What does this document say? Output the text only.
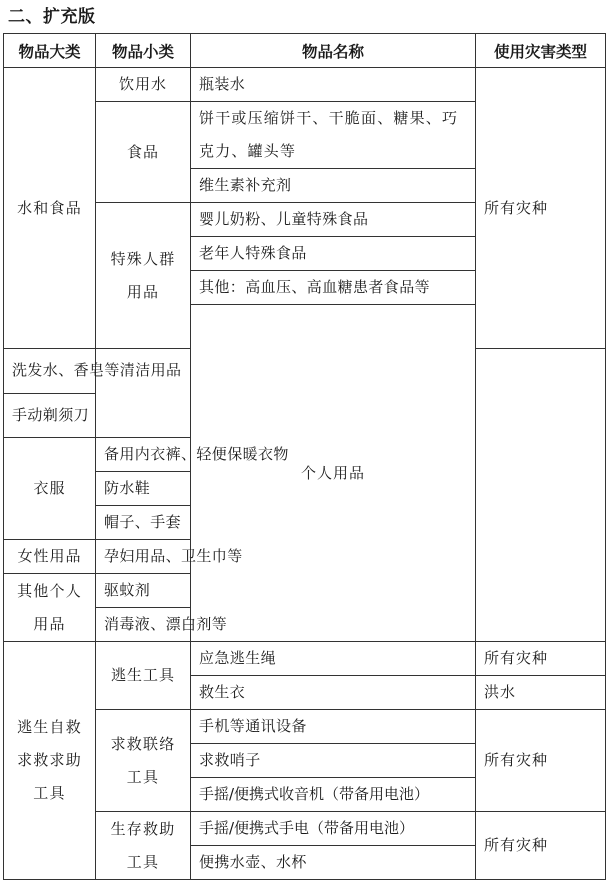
二、扩充版
物品大类	物品小类	物品名称	使用灾害类型	
水和食品	饮用水	瓶装水	所有灾种	
	食品	饼干或压缩饼干、干脆面、糖果、巧克力、罐头等		
		维生素补充剂		
	特殊人群用品	婴儿奶粉、儿童特殊食品		
		老年人特殊食品		
		其他：高血压、高血糖患者食品等		
		个人用品			
洗发水、香皂等清洁用品				
手动剃须刀				
衣服	备用内衣裤、轻便保暖衣物			
	防水鞋			
	帽子、手套			
女性用品	孕妇用品、卫生巾等			
其他个人用品	驱蚊剂			
	消毒液、漂白剂等			
逃生自救求救求助工具	逃生工具	应急逃生绳	所有灾种	
		救生衣	洪水	
	求救联络工具	手机等通讯设备	所有灾种	
		求救哨子		
		手摇/便携式收音机（带备用电池）		
	生存救助工具	手摇/便携式手电（带备用电池）	所有灾种	
		便携水壶、水杯		
